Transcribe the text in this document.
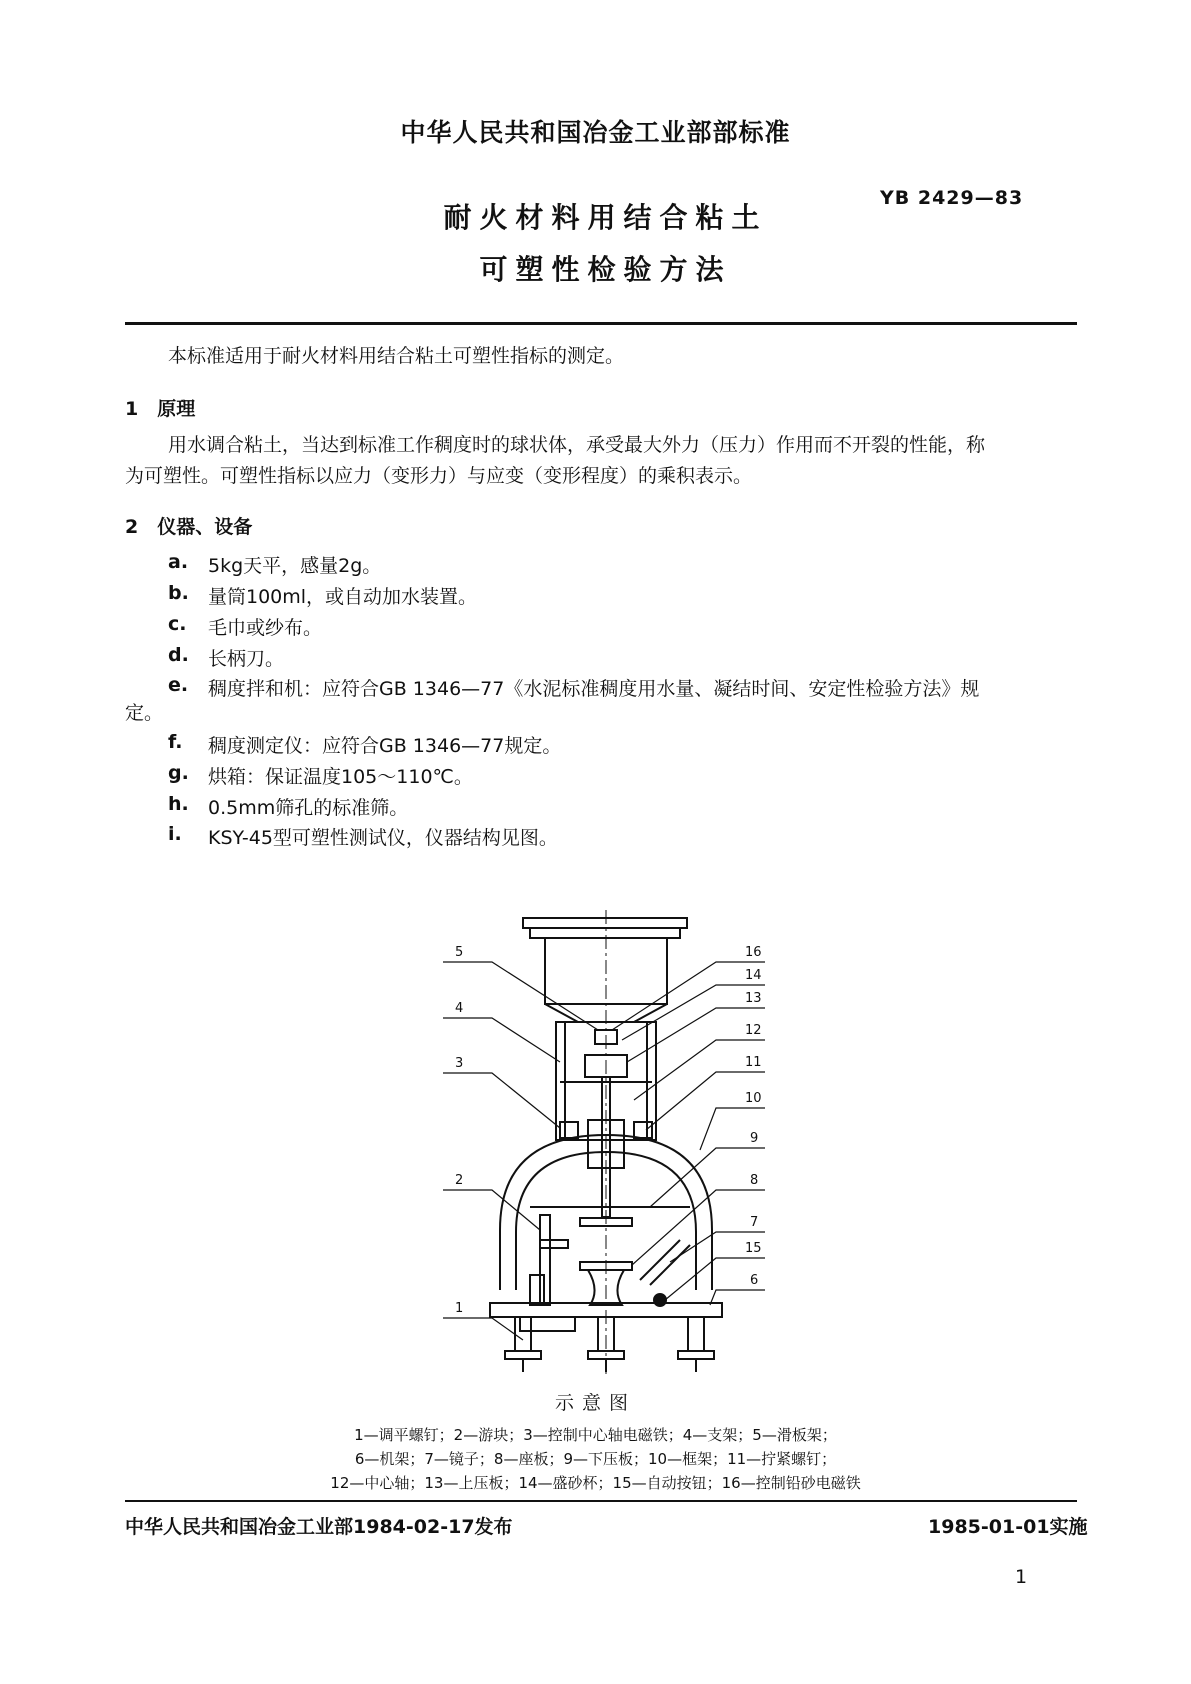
中华人民共和国冶金工业部部标准
YB 2429—83
耐火材料用结合粘土
可塑性检验方法
本标准适用于耐火材料用结合粘土可塑性指标的测定。
1　原理
用水调合粘土，当达到标准工作稠度时的球状体，承受最大外力（压力）作用而不开裂的性能，称
为可塑性。可塑性指标以应力（变形力）与应变（变形程度）的乘积表示。
2　仪器、设备
a. 5kg天平，感量2g。
b. 量筒100ml，或自动加水装置。
c. 毛巾或纱布。
d. 长柄刀。
e. 稠度拌和机：应符合GB 1346—77《水泥标准稠度用水量、凝结时间、安定性检验方法》规
定。
f. 稠度测定仪：应符合GB 1346—77规定。
g. 烘箱：保证温度105～110℃。
h. 0.5mm筛孔的标准筛。
i. KSY-45型可塑性测试仪，仪器结构见图。
5
4
3
2
1
16
14
13
12
11
10
9
8
7
15
6
示意图
1—调平螺钉；2—游块；3—控制中心轴电磁铁；4—支架；5—滑板架；
6—机架；7—镜子；8—座板；9—下压板；10—框架；11—拧紧螺钉；
12—中心轴；13—上压板；14—盛砂杯；15—自动按钮；16—控制铅砂电磁铁
中华人民共和国冶金工业部1984-02-17发布	1985-01-01实施
1
